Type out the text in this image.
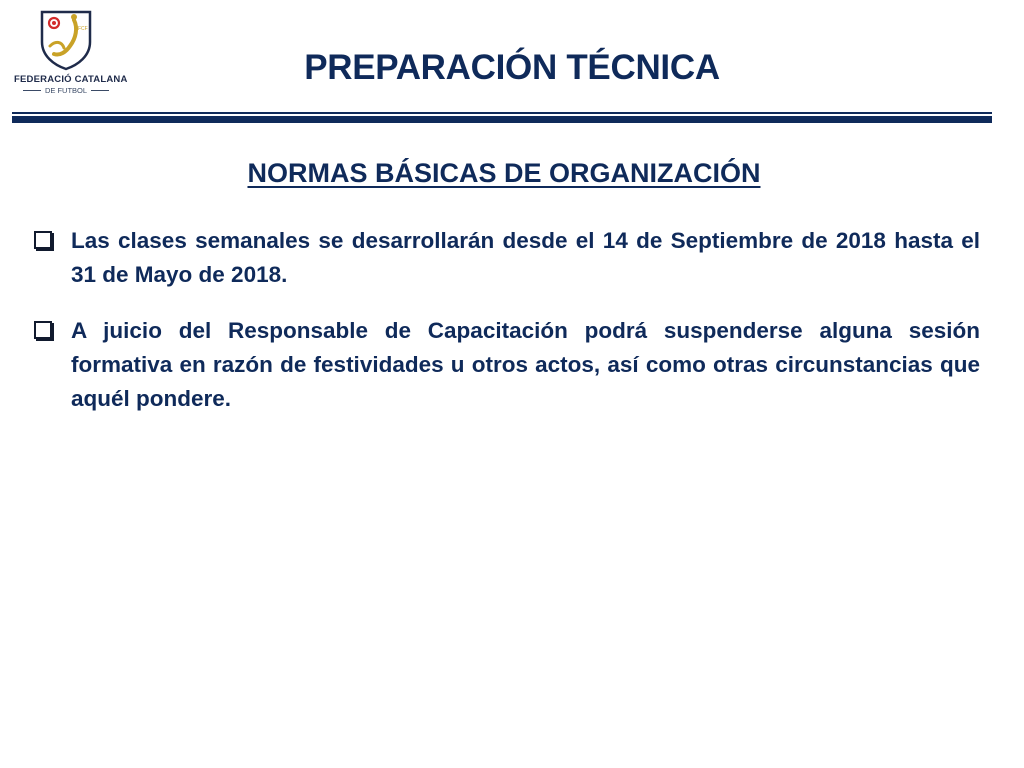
FCF
FEDERACIÓ CATALANA
DE FUTBOL
PREPARACIÓN TÉCNICA
NORMAS BÁSICAS DE ORGANIZACIÓN
Las clases semanales se desarrollarán desde el 14 de Septiembre de 2018 hasta el 31 de Mayo de 2018.
A juicio del Responsable de Capacitación podrá suspenderse alguna sesión formativa en razón de festividades u otros actos, así como otras circunstancias que aquél pondere.
